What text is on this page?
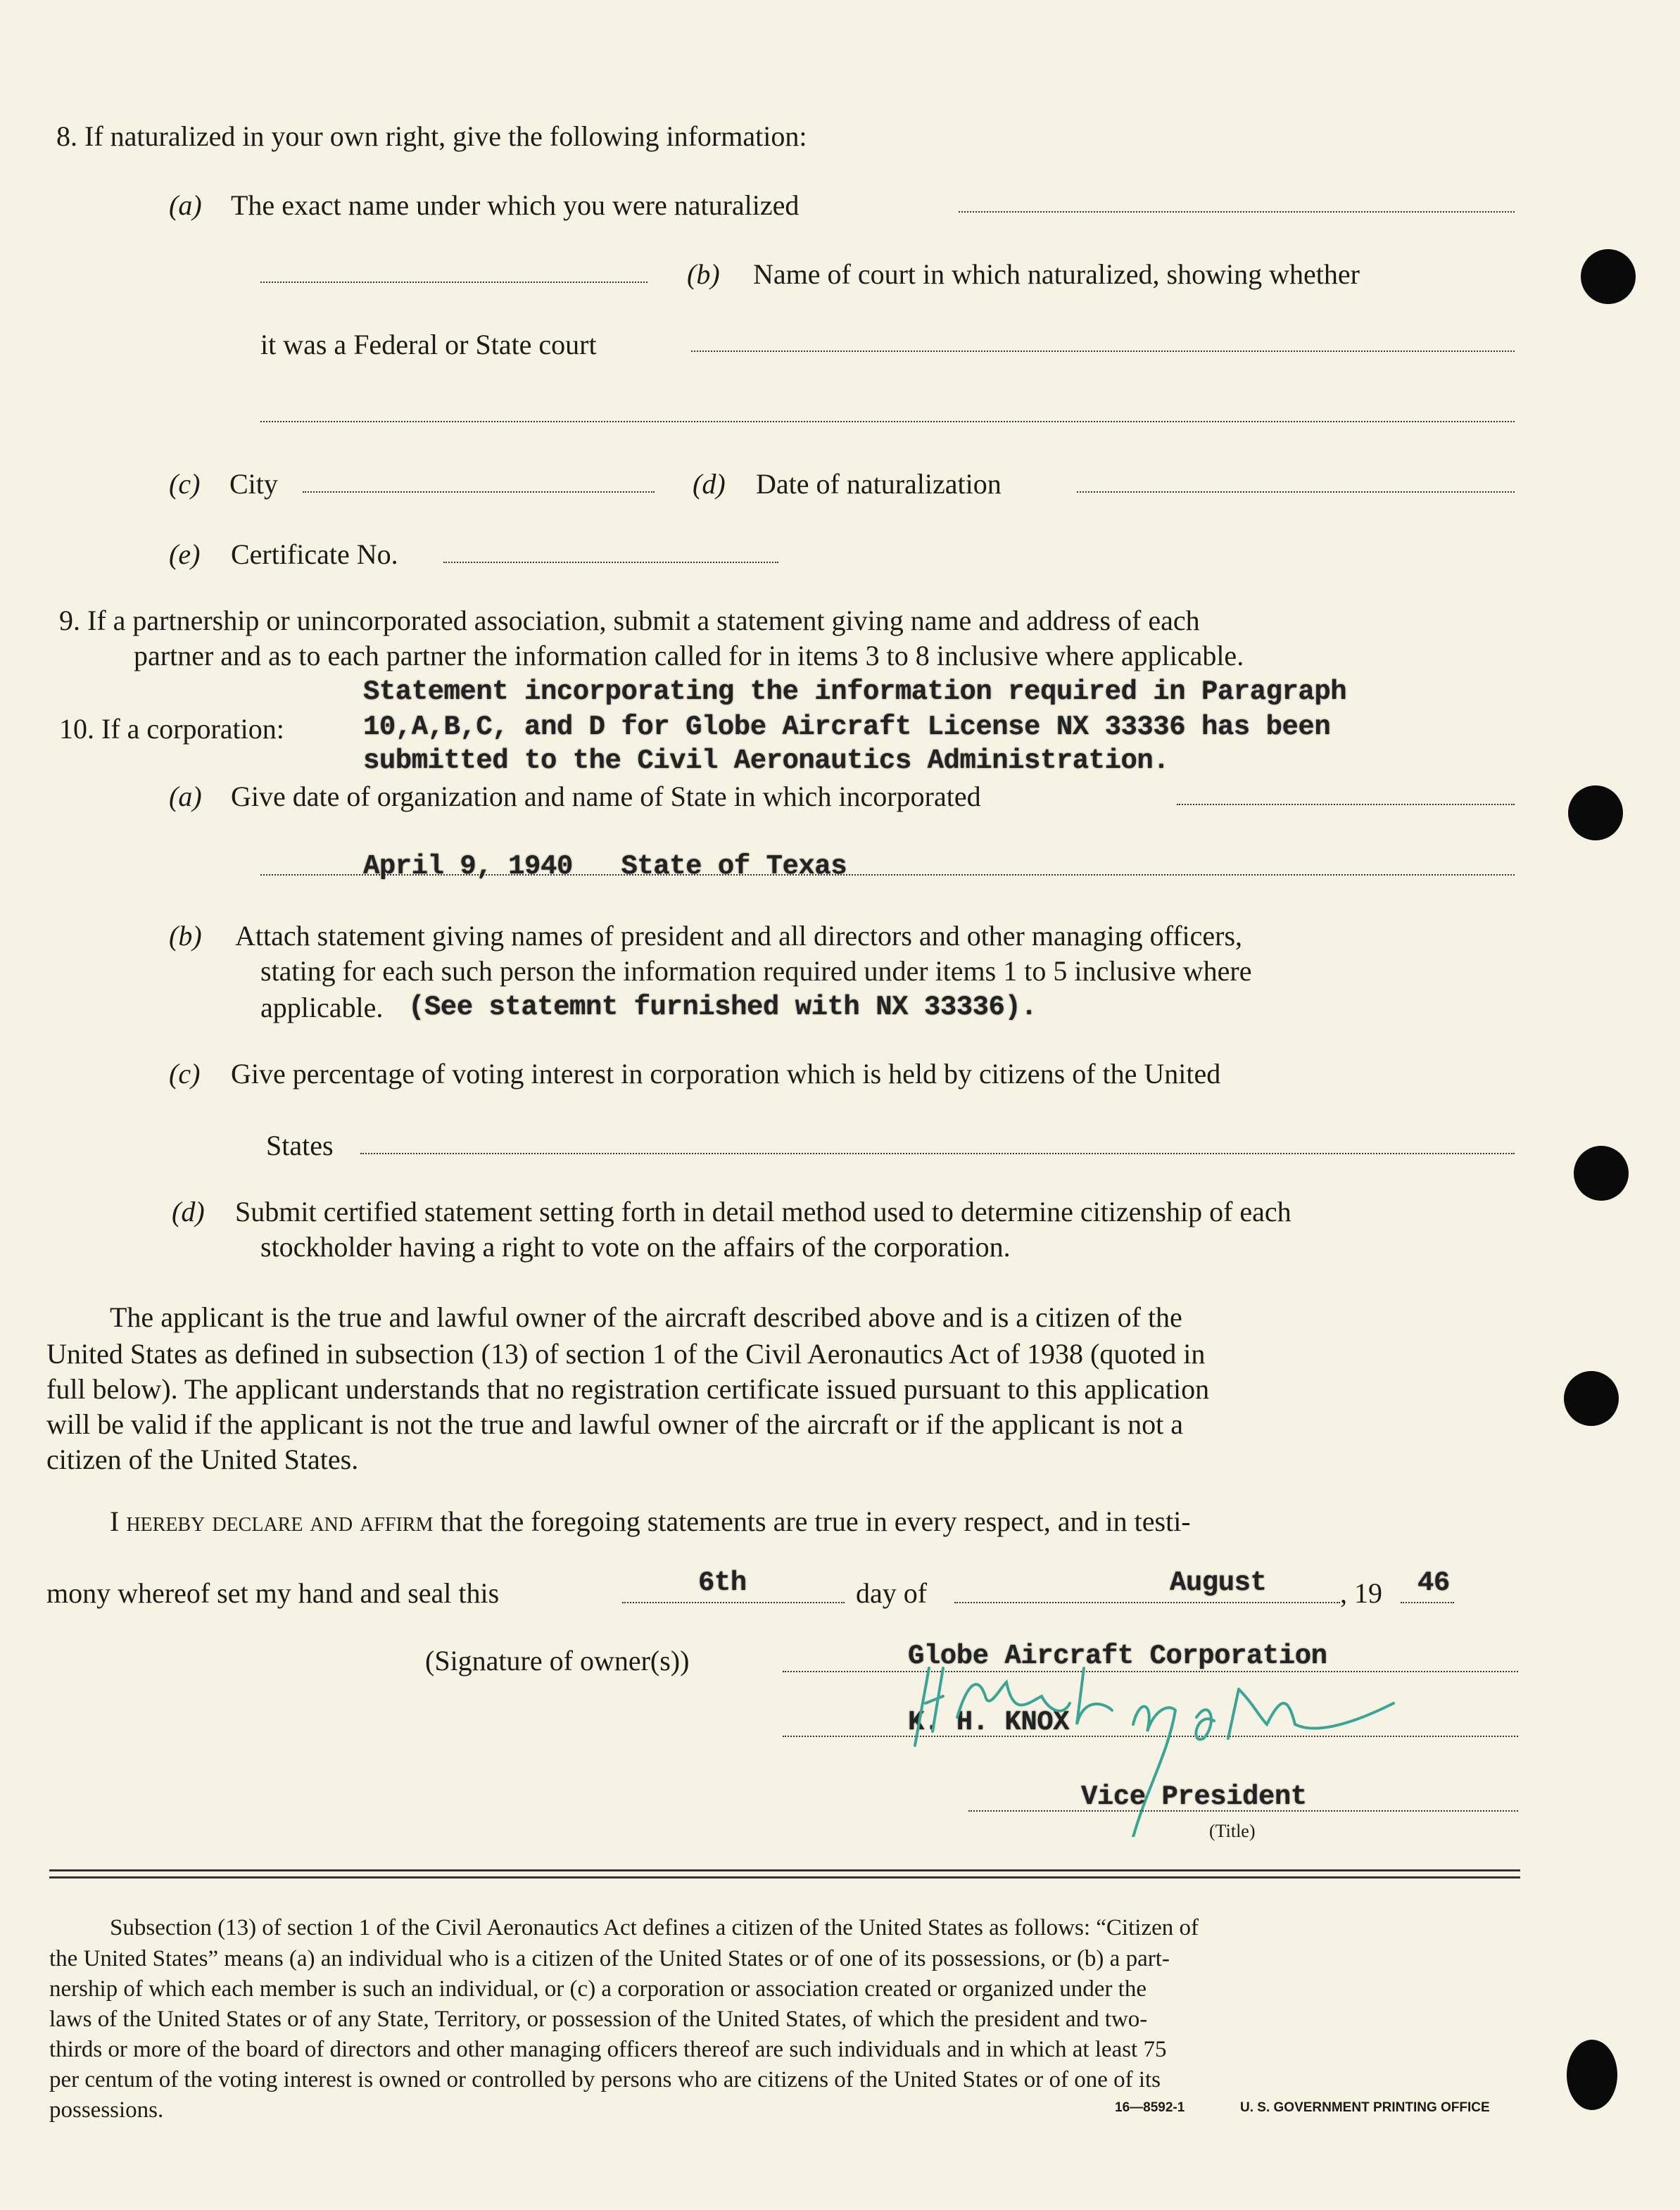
8. If naturalized in your own right, give the following information:
(a) The exact name under which you were naturalized
(b) Name of court in which naturalized, showing whether
it was a Federal or State court
(c) City	(d) Date of naturalization
(e) Certificate No.
9. If a partnership or unincorporated association, submit a statement giving name and address of each
partner and as to each partner the information called for in items 3 to 8 inclusive where applicable.
10. If a corporation:
Statement incorporating the information required in Paragraph
10,A,B,C, and D for Globe Aircraft License NX 33336 has been
submitted to the Civil Aeronautics Administration.
(a) Give date of organization and name of State in which incorporated
April 9, 1940   State of Texas
(b) Attach statement giving names of president and all directors and other managing officers,
stating for each such person the information required under items 1 to 5 inclusive where
applicable. (See statemnt furnished with NX 33336).
(c) Give percentage of voting interest in corporation which is held by citizens of the United
States
(d) Submit certified statement setting forth in detail method used to determine citizenship of each
stockholder having a right to vote on the affairs of the corporation.
The applicant is the true and lawful owner of the aircraft described above and is a citizen of the
United States as defined in subsection (13) of section 1 of the Civil Aeronautics Act of 1938 (quoted in
full below). The applicant understands that no registration certificate issued pursuant to this application
will be valid if the applicant is not the true and lawful owner of the aircraft or if the applicant is not a
citizen of the United States.
I hereby declare and affirm that the foregoing statements are true in every respect, and in testi-
mony whereof set my hand and seal this	6th	day of	August	, 19 46
(Signature of owner(s))	Globe Aircraft Corporation
K. H. KNOX
Vice President
(Title)
Subsection (13) of section 1 of the Civil Aeronautics Act defines a citizen of the United States as follows: “Citizen of
the United States” means (a) an individual who is a citizen of the United States or of one of its possessions, or (b) a part-
nership of which each member is such an individual, or (c) a corporation or association created or organized under the
laws of the United States or of any State, Territory, or possession of the United States, of which the president and two-
thirds or more of the board of directors and other managing officers thereof are such individuals and in which at least 75
per centum of the voting interest is owned or controlled by persons who are citizens of the United States or of one of its
possessions.	16—8592-1	U. S. GOVERNMENT PRINTING OFFICE
